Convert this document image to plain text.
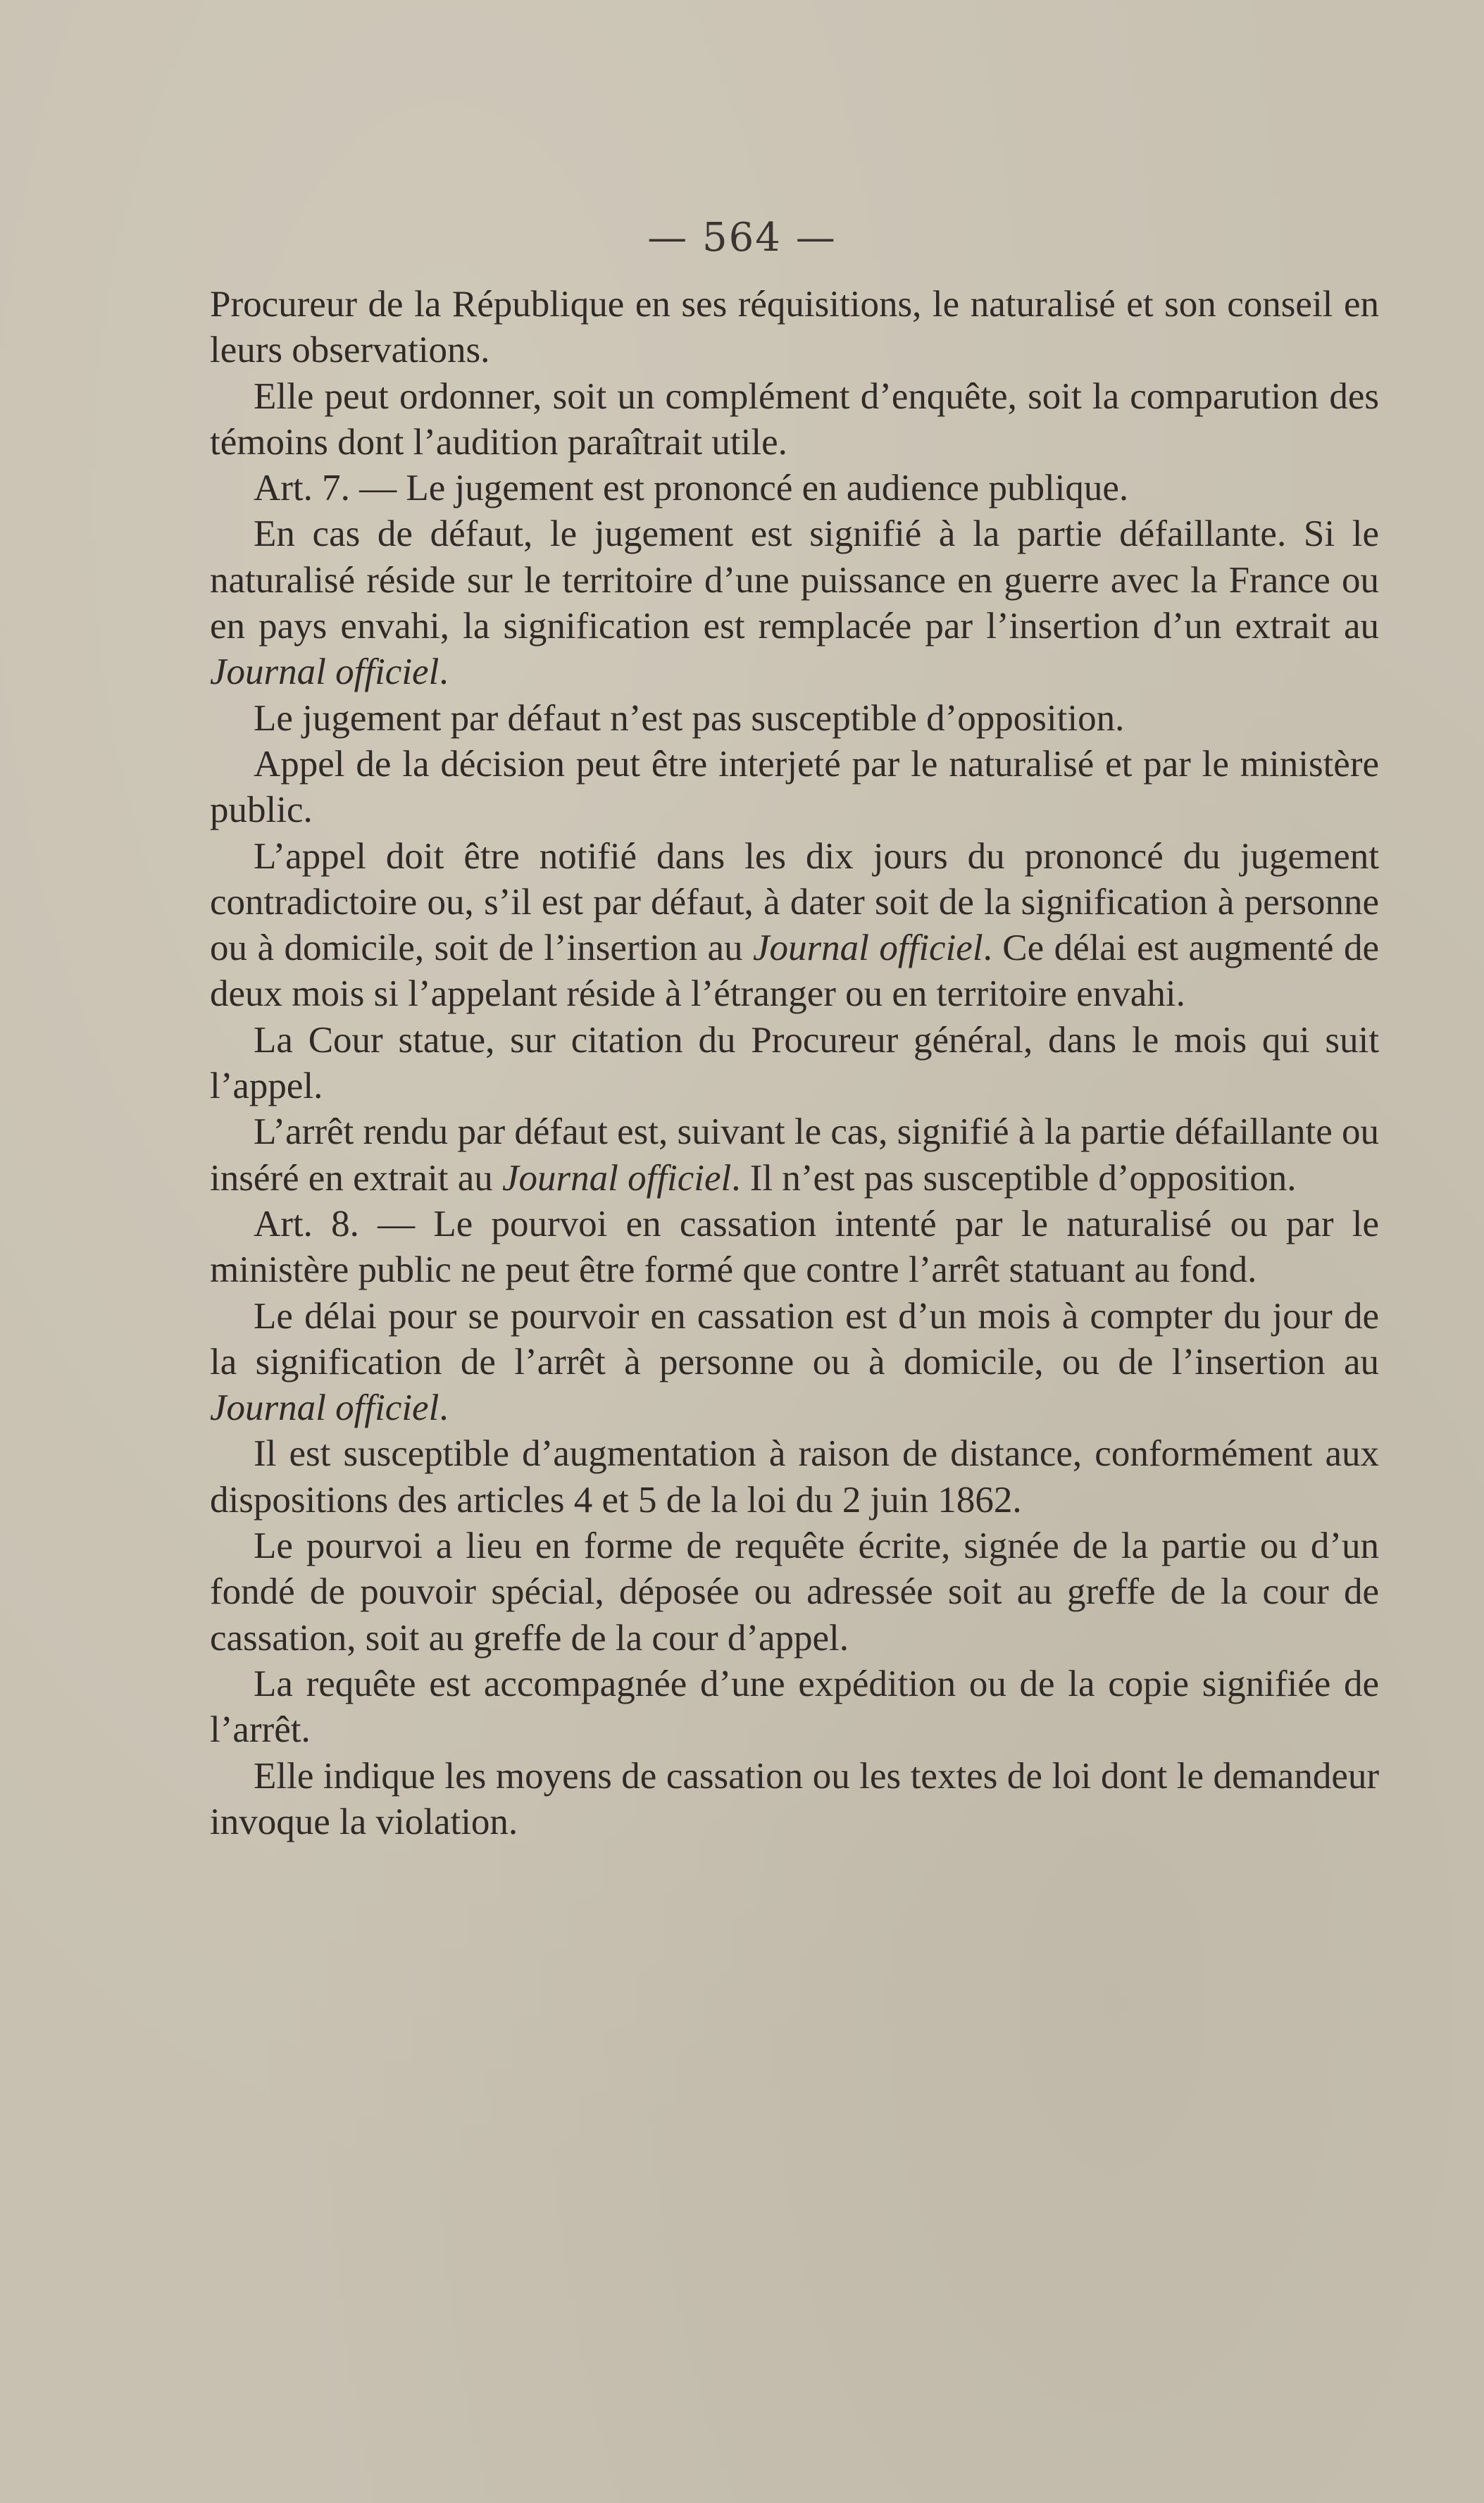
— 564 —

Procureur de la République en ses réquisitions, le naturalisé et son conseil en leurs observations.

Elle peut ordonner, soit un complément d’enquête, soit la comparution des témoins dont l’audition paraîtrait utile.

Art. 7. — Le jugement est prononcé en audience publique.

En cas de défaut, le jugement est signifié à la partie défaillante. Si le naturalisé réside sur le territoire d’une puissance en guerre avec la France ou en pays envahi, la signification est remplacée par l’insertion d’un extrait au Journal officiel.

Le jugement par défaut n’est pas susceptible d’opposition.

Appel de la décision peut être interjeté par le naturalisé et par le ministère public.

L’appel doit être notifié dans les dix jours du prononcé du jugement contradictoire ou, s’il est par défaut, à dater soit de la signification à personne ou à domicile, soit de l’insertion au Journal officiel. Ce délai est augmenté de deux mois si l’appelant réside à l’étranger ou en territoire envahi.

La Cour statue, sur citation du Procureur général, dans le mois qui suit l’appel.

L’arrêt rendu par défaut est, suivant le cas, signifié à la partie défaillante ou inséré en extrait au Journal officiel. Il n’est pas susceptible d’opposition.

Art. 8. — Le pourvoi en cassation intenté par le naturalisé ou par le ministère public ne peut être formé que contre l’arrêt statuant au fond.

Le délai pour se pourvoir en cassation est d’un mois à compter du jour de la signification de l’arrêt à personne ou à domicile, ou de l’insertion au Journal officiel.

Il est susceptible d’augmentation à raison de distance, conformément aux dispositions des articles 4 et 5 de la loi du 2 juin 1862.

Le pourvoi a lieu en forme de requête écrite, signée de la partie ou d’un fondé de pouvoir spécial, déposée ou adressée soit au greffe de la cour de cassation, soit au greffe de la cour d’appel.

La requête est accompagnée d’une expédition ou de la copie signifiée de l’arrêt.

Elle indique les moyens de cassation ou les textes de loi dont le demandeur invoque la violation.
